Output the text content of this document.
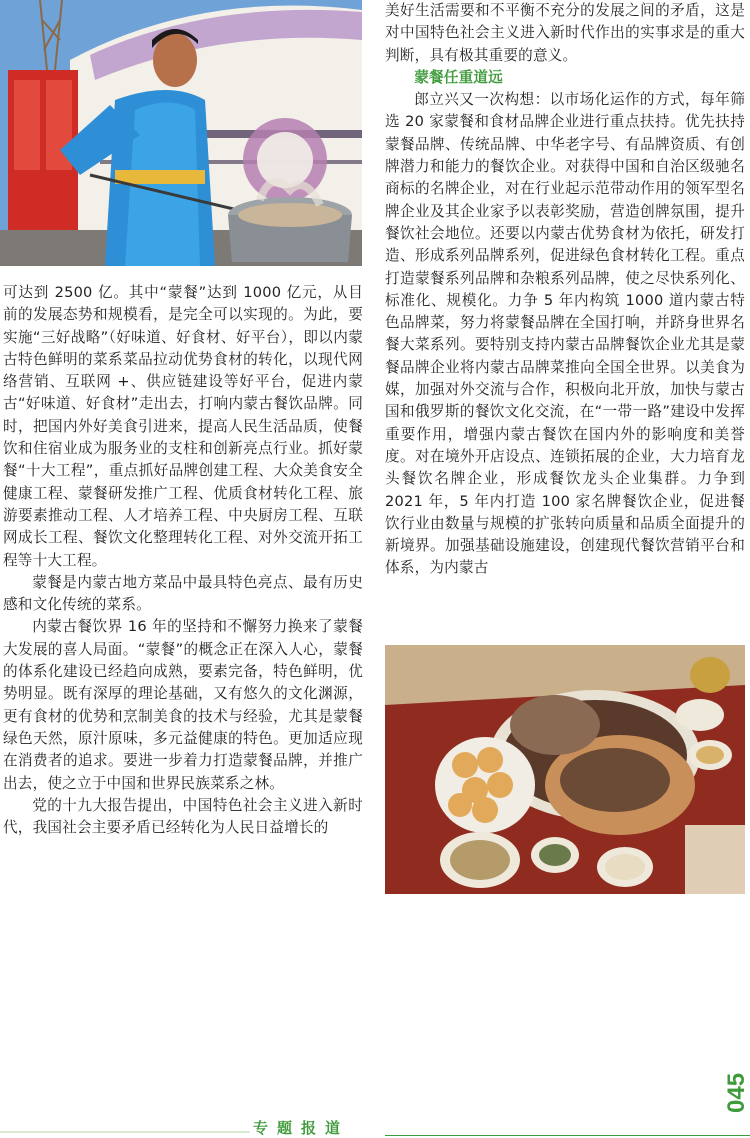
可达到 2500 亿。其中“蒙餐”达到 1000 亿元，从目前的发展态势和规模看，是完全可以实现的。为此，要实施“三好战略”（好味道、好食材、好平台），即以内蒙古特色鲜明的菜系菜品拉动优势食材的转化，以现代网络营销、互联网 +、供应链建设等好平台，促进内蒙古“好味道、好食材”走出去，打响内蒙古餐饮品牌。同时，把国内外好美食引进来，提高人民生活品质，使餐饮和住宿业成为服务业的支柱和创新亮点行业。抓好蒙餐“十大工程”，重点抓好品牌创建工程、大众美食安全健康工程、蒙餐研发推广工程、优质食材转化工程、旅游要素推动工程、人才培养工程、中央厨房工程、互联网成长工程、餐饮文化整理转化工程、对外交流开拓工程等十大工程。

蒙餐是内蒙古地方菜品中最具特色亮点、最有历史感和文化传统的菜系。

内蒙古餐饮界 16 年的坚持和不懈努力换来了蒙餐大发展的喜人局面。“蒙餐”的概念正在深入人心，蒙餐的体系化建设已经趋向成熟，要素完备，特色鲜明，优势明显。既有深厚的理论基础，又有悠久的文化渊源，更有食材的优势和烹制美食的技术与经验，尤其是蒙餐绿色天然，原汁原味，多元益健康的特色。更加适应现在消费者的追求。要进一步着力打造蒙餐品牌，并推广出去，使之立于中国和世界民族菜系之林。

党的十九大报告提出，中国特色社会主义进入新时代，我国社会主要矛盾已经转化为人民日益增长的

美好生活需要和不平衡不充分的发展之间的矛盾，这是对中国特色社会主义进入新时代作出的实事求是的重大判断，具有极其重要的意义。

蒙餐任重道远

郎立兴又一次构想：以市场化运作的方式，每年筛选 20 家蒙餐和食材品牌企业进行重点扶持。优先扶持蒙餐品牌、传统品牌、中华老字号、有品牌资质、有创牌潜力和能力的餐饮企业。对获得中国和自治区级驰名商标的名牌企业，对在行业起示范带动作用的领军型名牌企业及其企业家予以表彰奖励，营造创牌氛围，提升餐饮社会地位。还要以内蒙古优势食材为依托，研发打造、形成系列品牌系列，促进绿色食材转化工程。重点打造蒙餐系列品牌和杂粮系列品牌，使之尽快系列化、标准化、规模化。力争 5 年内构筑 1000 道内蒙古特色品牌菜，努力将蒙餐品牌在全国打响，并跻身世界名餐大菜系列。要特别支持内蒙古品牌餐饮企业尤其是蒙餐品牌企业将内蒙古品牌菜推向全国全世界。以美食为媒，加强对外交流与合作，积极向北开放，加快与蒙古国和俄罗斯的餐饮文化交流，在“一带一路”建设中发挥重要作用，增强内蒙古餐饮在国内外的影响度和美誉度。对在境外开店设点、连锁拓展的企业，大力培育龙头餐饮名牌企业，形成餐饮龙头企业集群。力争到 2021 年，5 年内打造 100 家名牌餐饮企业，促进餐饮行业由数量与规模的扩张转向质量和品质全面提升的新境界。加强基础设施建设，创建现代餐饮营销平台和体系，为内蒙古

专题报道
045
